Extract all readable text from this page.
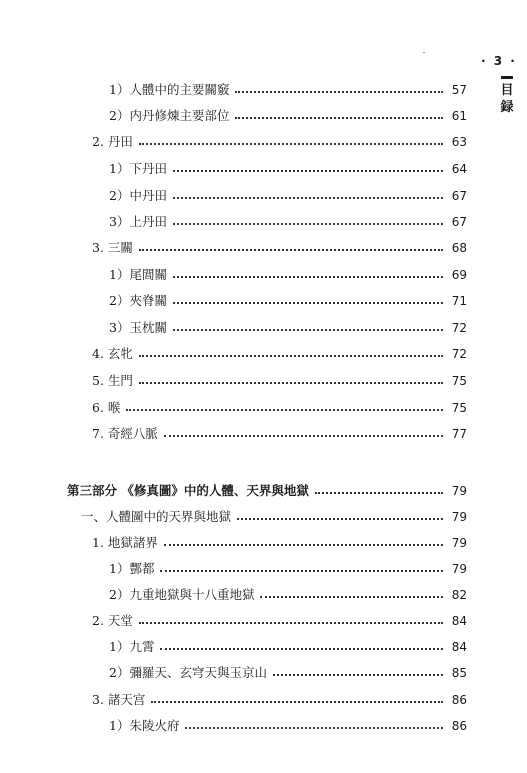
· 3 ·
目
録
1）人體中的主要關竅	57
2）内丹修煉主要部位	61
2. 丹田	63
1）下丹田	64
2）中丹田	67
3）上丹田	67
3. 三關	68
1）尾閭關	69
2）夾脊關	71
3）玉枕關	72
4. 玄牝	72
5. 生門	75
6. 喉	75
7. 奇經八脈	77
第三部分 《修真圖》中的人體、天界與地獄	79
一、人體圖中的天界與地獄	79
1. 地獄諸界	79
1）酆都	79
2）九重地獄與十八重地獄	82
2. 天堂	84
1）九霄	84
2）彌羅天、玄穹天與玉京山	85
3. 諸天宫	86
1）朱陵火府	86
